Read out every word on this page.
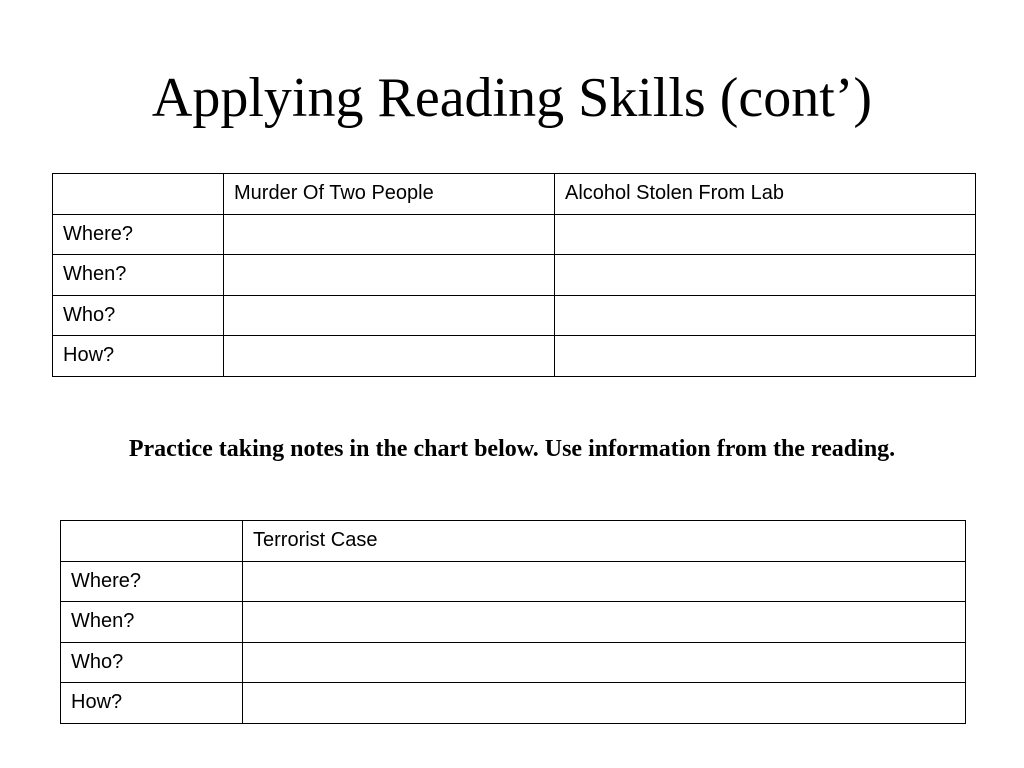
Applying Reading Skills (cont’)
	Murder Of Two People	Alcohol Stolen From Lab
Where?		
When?		
Who?		
How?		

Practice taking notes in the chart below. Use information from the reading.

	Terrorist Case
Where?	
When?	
Who?	
How?	
